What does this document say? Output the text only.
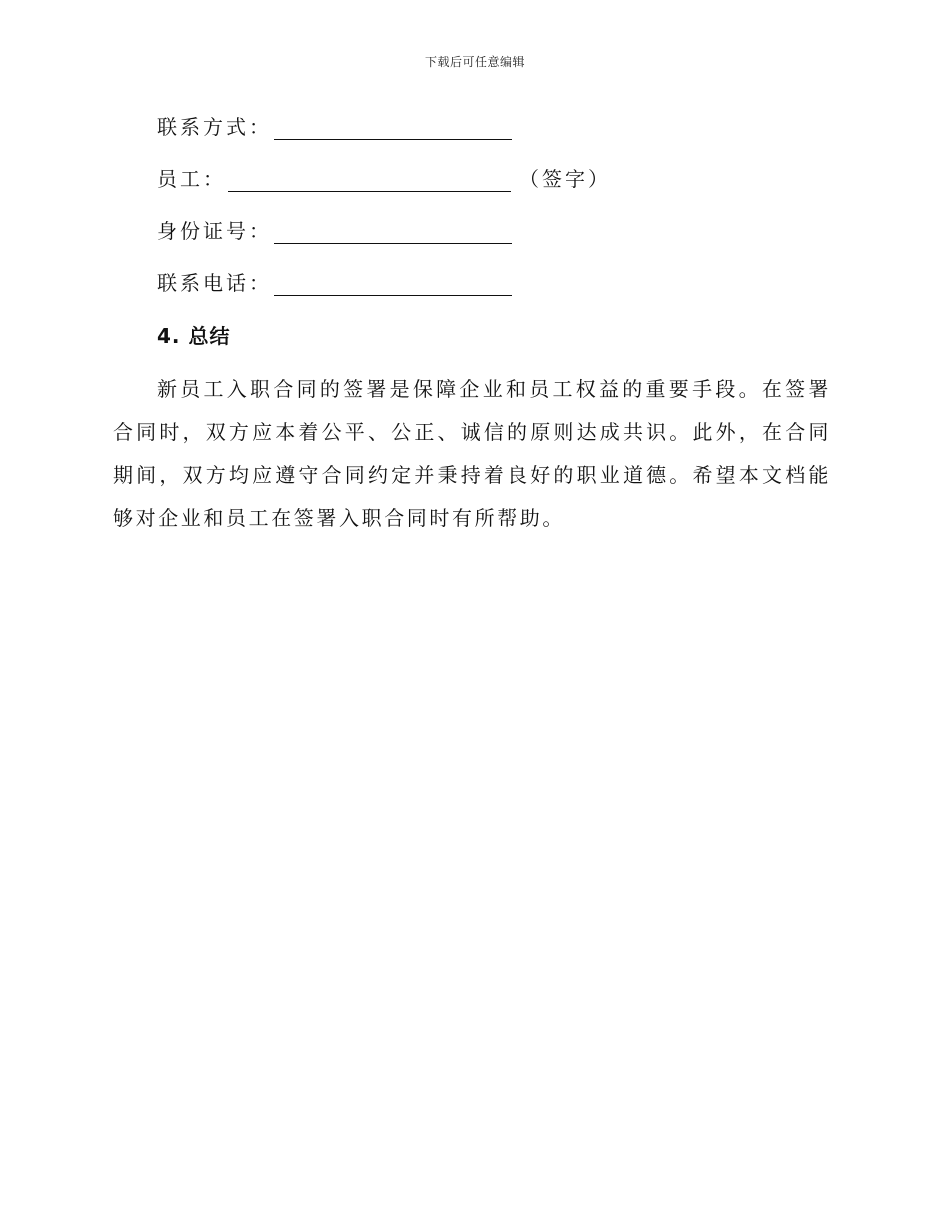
下载后可任意编辑
联系方式：
员工：	（签字）
身份证号：
联系电话：
4. 总结
新员工入职合同的签署是保障企业和员工权益的重要手段。在签署合同时，双方应本着公平、公正、诚信的原则达成共识。此外，在合同期间，双方均应遵守合同约定并秉持着良好的职业道德。希望本文档能够对企业和员工在签署入职合同时有所帮助。
